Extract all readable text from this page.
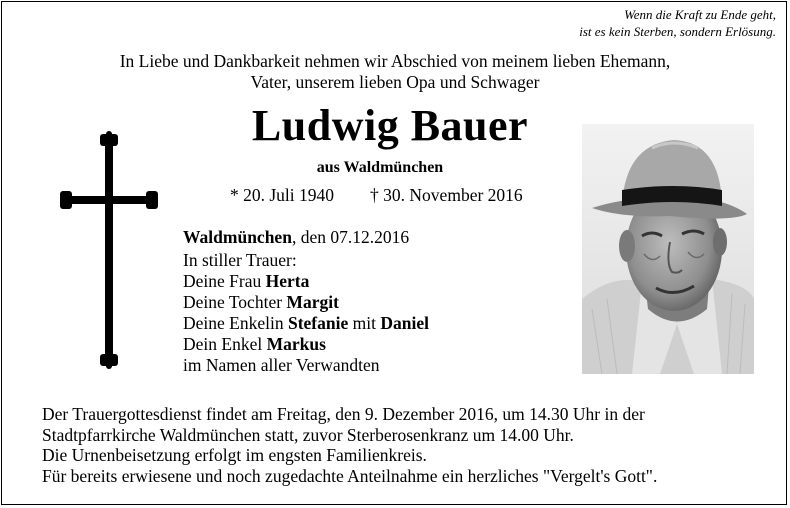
Wenn die Kraft zu Ende geht,
ist es kein Sterben, sondern Erlösung.
In Liebe und Dankbarkeit nehmen wir Abschied von meinem lieben Ehemann,
Vater, unserem lieben Opa und Schwager
Ludwig Bauer
aus Waldmünchen
* 20. Juli 1940 † 30. November 2016
Waldmünchen, den 07.12.2016
In stiller Trauer:
Deine Frau Herta
Deine Tochter Margit
Deine Enkelin Stefanie mit Daniel
Dein Enkel Markus
im Namen aller Verwandten
Der Trauergottesdienst findet am Freitag, den 9. Dezember 2016, um 14.30 Uhr in der
Stadtpfarrkirche Waldmünchen statt, zuvor Sterberosenkranz um 14.00 Uhr.
Die Urnenbeisetzung erfolgt im engsten Familienkreis.
Für bereits erwiesene und noch zugedachte Anteilnahme ein herzliches "Vergelt's Gott".
